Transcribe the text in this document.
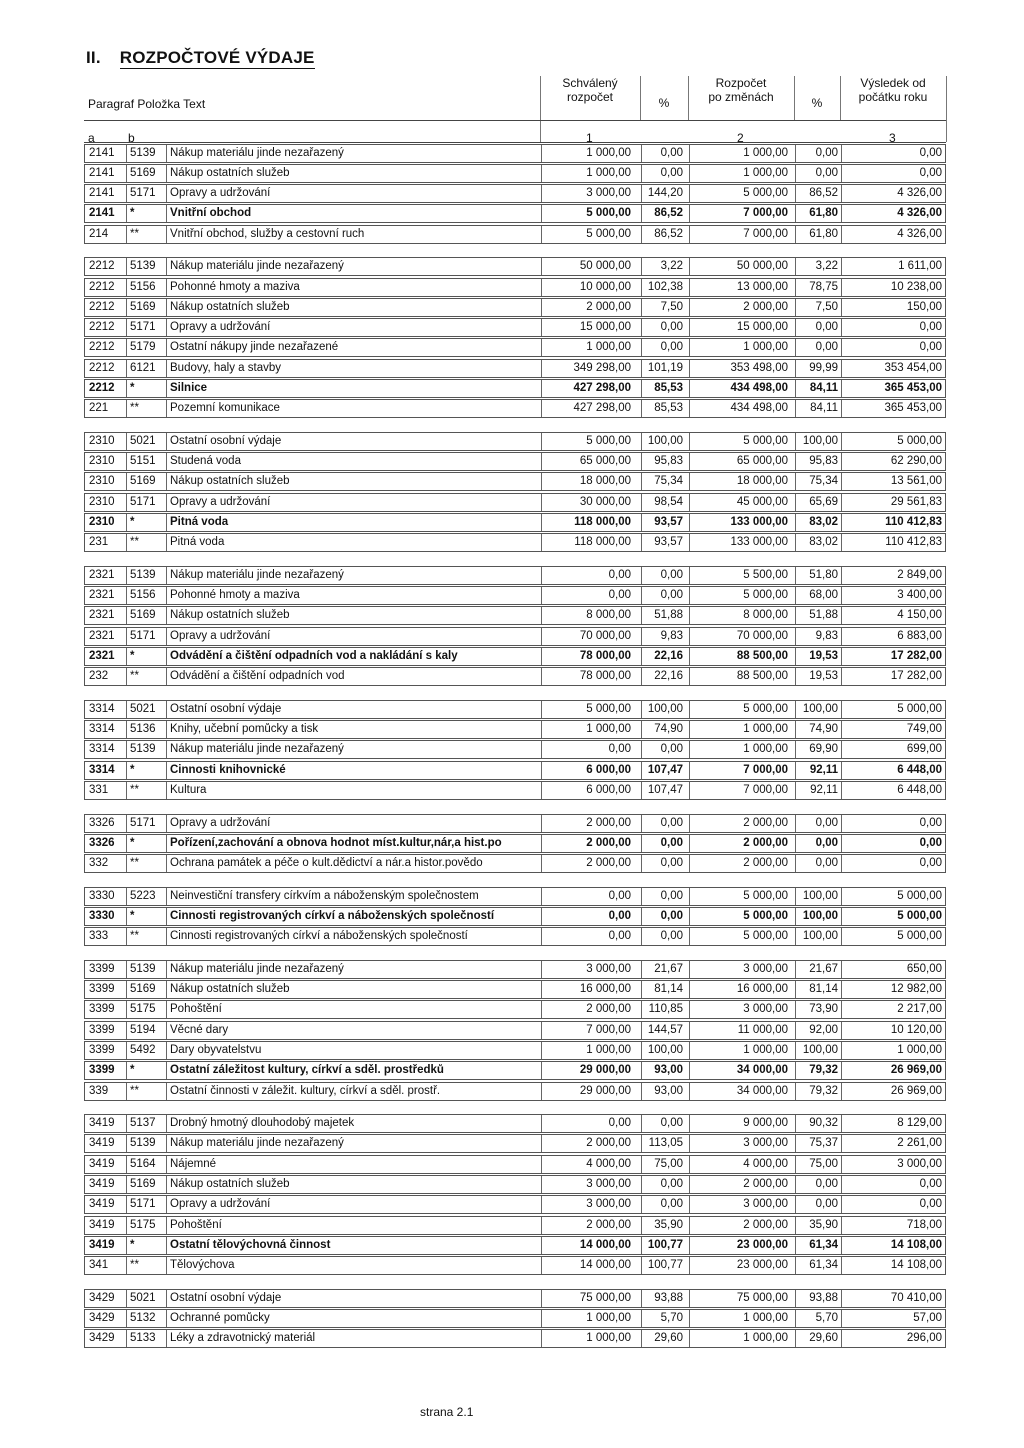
II. ROZPOČTOVÉ VÝDAJE
Paragraf Položka Text
Schválený
rozpočet	%
Rozpočet
po změnách	%
Výsledek od
počátku roku
a	b	1	2	3
2141	5139	Nákup materiálu jinde nezařazený	1 000,00	0,00	1 000,00 0,00	0,00
2141	5169	Nákup ostatních služeb	1 000,00	0,00	1 000,00 0,00	0,00
2141	5171	Opravy a udržování	3 000,00 144,20	5 000,00 86,52	4 326,00
2141	*	Vnitřní obchod	5 000,00 86,52	7 000,00 61,80	4 326,00
214	**	Vnitřní obchod, služby a cestovní ruch	5 000,00 86,52	7 000,00 61,80	4 326,00
2212	5139	Nákup materiálu jinde nezařazený	50 000,00	3,22	50 000,00 3,22	1 611,00
2212	5156	Pohonné hmoty a maziva	10 000,00 102,38	13 000,00 78,75	10 238,00
2212	5169	Nákup ostatních služeb	2 000,00	7,50	2 000,00 7,50	150,00
2212	5171	Opravy a udržování	15 000,00	0,00	15 000,00 0,00	0,00
2212	5179	Ostatní nákupy jinde nezařazené	1 000,00	0,00	1 000,00 0,00	0,00
2212	6121	Budovy, haly a stavby	349 298,00 101,19	353 498,00 99,99	353 454,00
2212	*	Silnice	427 298,00 85,53	434 498,00 84,11	365 453,00
221	**	Pozemní komunikace	427 298,00 85,53	434 498,00 84,11	365 453,00
2310	5021	Ostatní osobní výdaje	5 000,00 100,00	5 000,00 100,00	5 000,00
2310	5151	Studená voda	65 000,00 95,83	65 000,00 95,83	62 290,00
2310	5169	Nákup ostatních služeb	18 000,00 75,34	18 000,00 75,34	13 561,00
2310	5171	Opravy a udržování	30 000,00 98,54	45 000,00 65,69	29 561,83
2310	*	Pitná voda	118 000,00 93,57	133 000,00 83,02	110 412,83
231	**	Pitná voda	118 000,00 93,57	133 000,00 83,02	110 412,83
2321	5139	Nákup materiálu jinde nezařazený	0,00	0,00	5 500,00 51,80	2 849,00
2321	5156	Pohonné hmoty a maziva	0,00	0,00	5 000,00 68,00	3 400,00
2321	5169	Nákup ostatních služeb	8 000,00 51,88	8 000,00 51,88	4 150,00
2321	5171	Opravy a udržování	70 000,00	9,83	70 000,00 9,83	6 883,00
2321	*	Odvádění a čištění odpadních vod a nakládání s kaly	78 000,00 22,16	88 500,00 19,53	17 282,00
232	**	Odvádění a čištění odpadních vod	78 000,00 22,16	88 500,00 19,53	17 282,00
3314	5021	Ostatní osobní výdaje	5 000,00 100,00	5 000,00 100,00	5 000,00
3314	5136	Knihy, učební pomůcky a tisk	1 000,00 74,90	1 000,00 74,90	749,00
3314	5139	Nákup materiálu jinde nezařazený	0,00	0,00	1 000,00 69,90	699,00
3314	*	Činnosti knihovnické	6 000,00 107,47	7 000,00 92,11	6 448,00
331	**	Kultura	6 000,00 107,47	7 000,00 92,11	6 448,00
3326	5171	Opravy a udržování	2 000,00	0,00	2 000,00 0,00	0,00
3326	*	Pořízení,zachování a obnova hodnot míst.kultur,nár,a hist.po	2 000,00	0,00	2 000,00 0,00	0,00
332	**	Ochrana památek a péče o kult.dědictví a nár.a histor.povědo	2 000,00	0,00	2 000,00 0,00	0,00
3330	5223	Neinvestiční transfery církvím a náboženským společnostem	0,00	0,00	5 000,00 100,00	5 000,00
3330	*	Činnosti registrovaných církví a náboženských společností	0,00	0,00	5 000,00 100,00	5 000,00
333	**	Činnosti registrovaných církví a náboženských společností	0,00	0,00	5 000,00 100,00	5 000,00
3399	5139	Nákup materiálu jinde nezařazený	3 000,00 21,67	3 000,00 21,67	650,00
3399	5169	Nákup ostatních služeb	16 000,00 81,14	16 000,00 81,14	12 982,00
3399	5175	Pohoštění	2 000,00 110,85	3 000,00 73,90	2 217,00
3399	5194	Věcné dary	7 000,00 144,57	11 000,00 92,00	10 120,00
3399	5492	Dary obyvatelstvu	1 000,00 100,00	1 000,00 100,00	1 000,00
3399	*	Ostatní záležitost kultury, církví a sděl. prostředků	29 000,00 93,00	34 000,00 79,32	26 969,00
339	**	Ostatní činnosti v záležit. kultury, církví a sděl. prostř.	29 000,00 93,00	34 000,00 79,32	26 969,00
3419	5137	Drobný hmotný dlouhodobý majetek	0,00	0,00	9 000,00 90,32	8 129,00
3419	5139	Nákup materiálu jinde nezařazený	2 000,00 113,05	3 000,00 75,37	2 261,00
3419	5164	Nájemné	4 000,00 75,00	4 000,00 75,00	3 000,00
3419	5169	Nákup ostatních služeb	3 000,00	0,00	2 000,00 0,00	0,00
3419	5171	Opravy a udržování	3 000,00	0,00	3 000,00 0,00	0,00
3419	5175	Pohoštění	2 000,00 35,90	2 000,00 35,90	718,00
3419	*	Ostatní tělovýchovná činnost	14 000,00 100,77	23 000,00 61,34	14 108,00
341	**	Tělovýchova	14 000,00 100,77	23 000,00 61,34	14 108,00
3429	5021	Ostatní osobní výdaje	75 000,00 93,88	75 000,00 93,88	70 410,00
3429	5132	Ochranné pomůcky	1 000,00	5,70	1 000,00 5,70	57,00
3429	5133	Léky a zdravotnický materiál	1 000,00 29,60	1 000,00 29,60	296,00
strana 2.1
